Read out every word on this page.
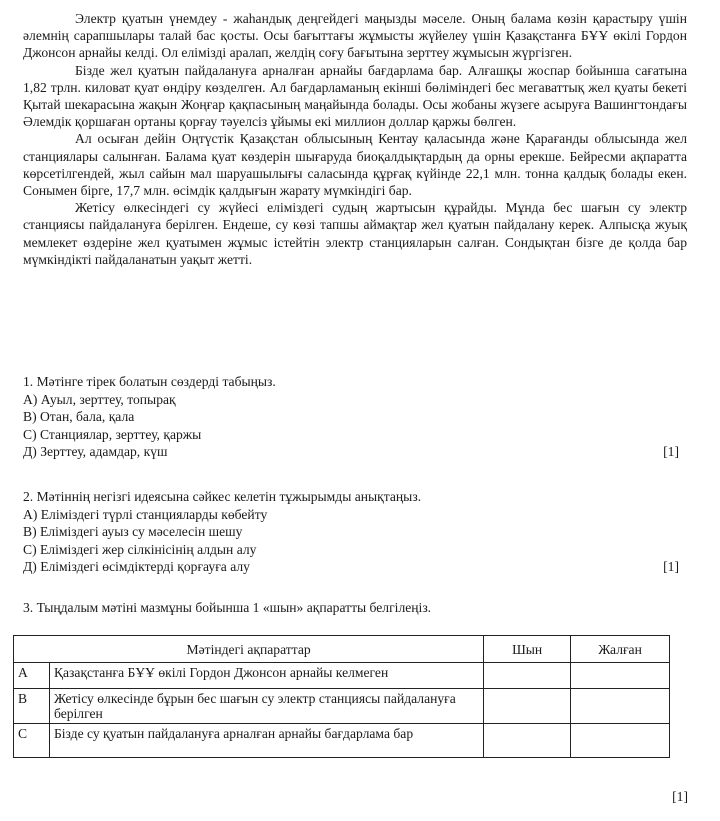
Электр қуатын үнемдеу - жаһандық деңгейдегі маңызды мәселе. Оның балама көзін қарастыру үшін әлемнің сарапшылары талай бас қосты. Осы бағыттағы жұмысты жүйелеу үшін Қазақстанға БҰҰ өкілі Гордон Джонсон арнайы келді. Ол елімізді аралап, желдің соғу бағытына зерттеу жұмысын жүргізген.

Бізде жел қуатын пайдалануға арналған арнайы бағдарлама бар. Алғашқы жоспар бойынша сағатына 1,82 трлн. киловат қуат өндіру көзделген. Ал бағдарламаның екінші бөліміндегі бес мегаваттық жел қуаты бекеті Қытай шекарасына жақын Жоңғар қақпасының маңайында болады. Осы жобаны жүзеге асыруға Вашингтондағы Әлемдік қоршаған ортаны қорғау тәуелсіз ұйымы екі миллион доллар қаржы бөлген.

Ал осыған дейін Оңтүстік Қазақстан облысының Кентау қаласында және Қарағанды облысында жел станциялары салынған. Балама қуат көздерін шығаруда биоқалдықтардың да орны ерекше. Бейресми ақпаратта көрсетілгендей, жыл сайын мал шаруашылығы саласында құрғақ күйінде 22,1 млн. тонна қалдық болады екен. Сонымен бірге, 17,7 млн. өсімдік қалдығын жарату мүмкіндігі бар.

Жетісу өлкесіндегі су жүйесі еліміздегі судың жартысын құрайды. Мұнда бес шағын су электр станциясы пайдалануға берілген. Ендеше, су көзі тапшы аймақтар жел қуатын пайдалану керек. Алпысқа жуық мемлекет өздеріне жел қуатымен жұмыс істейтін электр станцияларын салған. Сондықтан бізге де қолда бар мүмкіндікті пайдаланатын уақыт жетті.

1. Мәтінге тірек болатын сөздерді табыңыз.
А) Ауыл, зерттеу, топырақ
В) Отан, бала, қала
С) Станциялар, зерттеу, қаржы
Д) Зерттеу, адамдар, күш	[1]
2. Мәтіннің негізгі идеясына сәйкес келетін тұжырымды анықтаңыз.
А) Еліміздегі түрлі станцияларды көбейту
В) Еліміздегі ауыз су мәселесін шешу
С) Еліміздегі жер сілкінісінің алдын алу
Д) Еліміздегі өсімдіктерді қорғауға алу	[1]
3. Тыңдалым мәтіні мазмұны бойынша 1 «шын» ақпаратты белгілеңіз.
Мәтіндегі ақпараттар		Шын	Жалған
А	Қазақстанға БҰҰ өкілі Гордон Джонсон арнайы келмеген		
В	Жетісу өлкесінде бұрын бес шағын су электр станциясы пайдалануға берілген		
С	Бізде су қуатын пайдалануға арналған арнайы бағдарлама бар		
[1]
